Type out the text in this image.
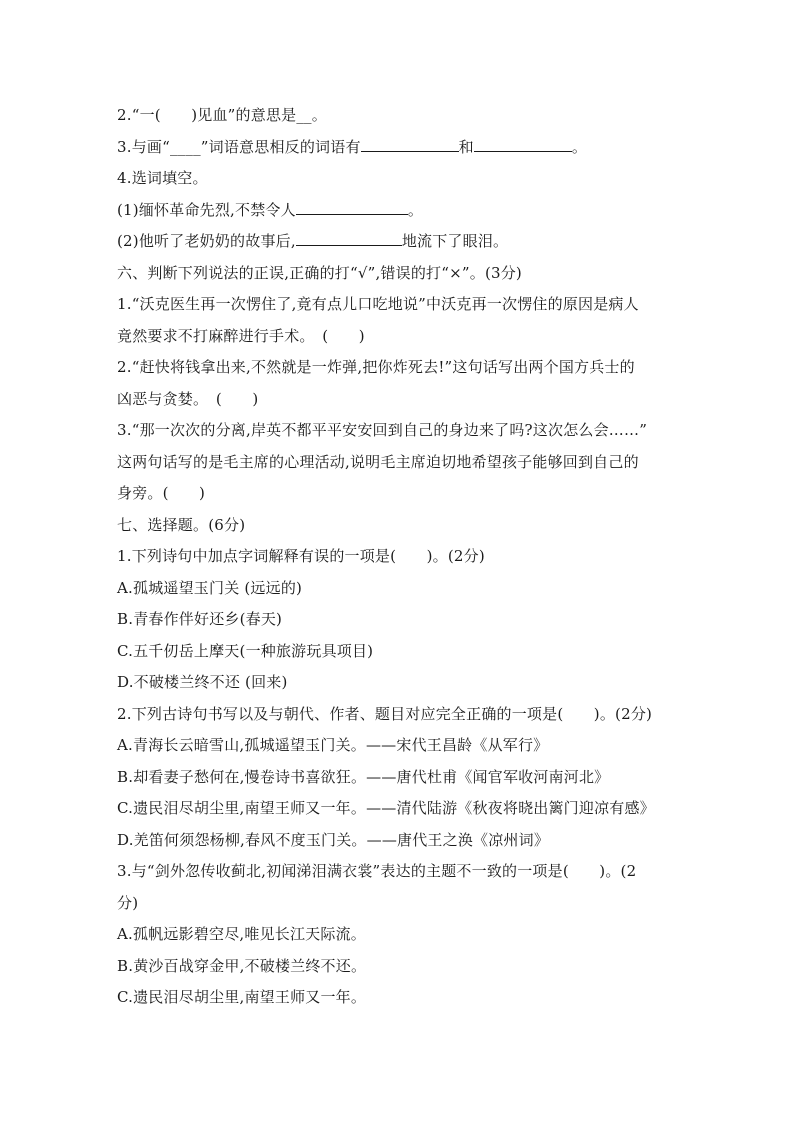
2.“一(　　)见血”的意思是__。
3.与画“____”词语意思相反的词语有	和	。
4.选词填空。
(1)缅怀革命先烈,不禁令人	。
(2)他听了老奶奶的故事后,	地流下了眼泪。
六、判断下列说法的正误,正确的打“√”,错误的打“×”。(3分)
1.“沃克医生再一次愣住了,竟有点儿口吃地说”中沃克再一次愣住的原因是病人
竟然要求不打麻醉进行手术。　(　　)
2.“赶快将钱拿出来,不然就是一炸弹,把你炸死去!”这句话写出两个国方兵士的
凶恶与贪婪。　(　　)
3.“那一次次的分离,岸英不都平平安安回到自己的身边来了吗?这次怎么会……”
这两句话写的是毛主席的心理活动,说明毛主席迫切地希望孩子能够回到自己的
身旁。(　　)
七、选择题。(6分)
1.下列诗句中加点字词解释有误的一项是(　　)。(2分)
A.孤城遥望玉门关 (远远的)
B.青春作伴好还乡(春天)
C.五千仞岳上摩天(一种旅游玩具项目)
D.不破楼兰终不还 (回来)
2.下列古诗句书写以及与朝代、作者、题目对应完全正确的一项是(　　)。(2分)
A.青海长云暗雪山,孤城遥望玉门关。——宋代王昌龄《从军行》
B.却看妻子愁何在,慢卷诗书喜欲狂。——唐代杜甫《闻官军收河南河北》
C.遗民泪尽胡尘里,南望王师又一年。——清代陆游《秋夜将晓出篱门迎凉有感》
D.羌笛何须怨杨柳,春风不度玉门关。——唐代王之涣《凉州词》
3.与“剑外忽传收蓟北,初闻涕泪满衣裳”表达的主题不一致的一项是(　　)。(2
分)
A.孤帆远影碧空尽,唯见长江天际流。
B.黄沙百战穿金甲,不破楼兰终不还。
C.遗民泪尽胡尘里,南望王师又一年。
